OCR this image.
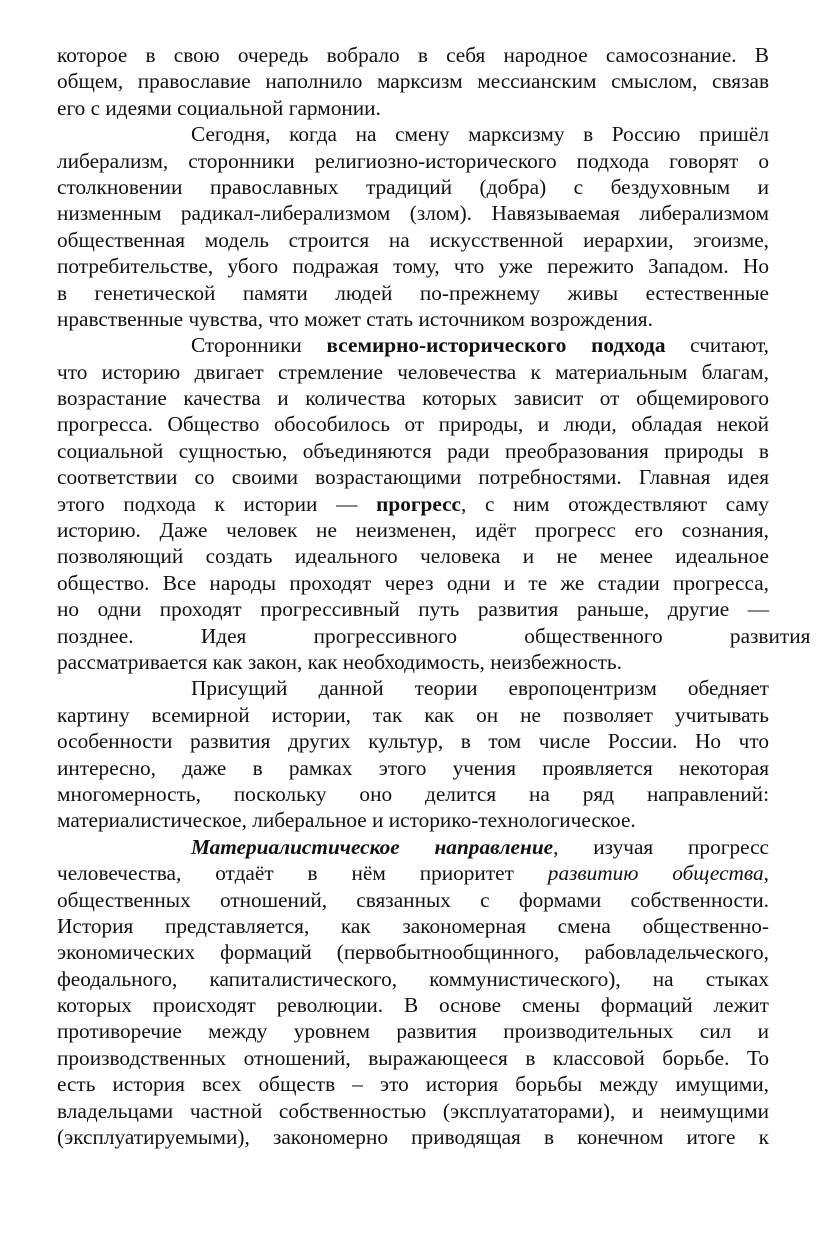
которое в свою очередь вобрало в себя народное самосознание. В
общем, православие наполнило марксизм мессианским смыслом, связав
его с идеями социальной гармонии.
Сегодня, когда на смену марксизму в Россию пришёл
либерализм, сторонники религиозно-исторического подхода говорят о
столкновении православных традиций (добра) с бездуховным и
низменным радикал-либерализмом (злом). Навязываемая либерализмом
общественная модель строится на искусственной иерархии, эгоизме,
потребительстве, убого подражая тому, что уже пережито Западом. Но
в генетической памяти людей по-прежнему живы естественные
нравственные чувства, что может стать источником возрождения.
Сторонники всемирно-исторического подхода считают,
что историю двигает стремление человечества к материальным благам,
возрастание качества и количества которых зависит от общемирового
прогресса. Общество обособилось от природы, и люди, обладая некой
социальной сущностью, объединяются ради преобразования природы в
соответствии со своими возрастающими потребностями. Главная идея
этого подхода к истории — прогресс, с ним отождествляют саму
историю. Даже человек не неизменен, идёт прогресс его сознания,
позволяющий создать идеального человека и не менее идеальное
общество. Все народы проходят через одни и те же стадии прогресса,
но одни проходят прогрессивный путь развития раньше, другие —
позднее. Идея прогрессивного общественного развития
рассматривается как закон, как необходимость, неизбежность.
Присущий данной теории европоцентризм обедняет
картину всемирной истории, так как он не позволяет учитывать
особенности развития других культур, в том числе России. Но что
интересно, даже в рамках этого учения проявляется некоторая
многомерность, поскольку оно делится на ряд направлений:
материалистическое, либеральное и историко-технологическое.
Материалистическое направление, изучая прогресс
человечества, отдаёт в нём приоритет развитию общества,
общественных отношений, связанных с формами собственности.
История представляется, как закономерная смена общественно-
экономических формаций (первобытнообщинного, рабовладельческого,
феодального, капиталистического, коммунистического), на стыках
которых происходят революции. В основе смены формаций лежит
противоречие между уровнем развития производительных сил и
производственных отношений, выражающееся в классовой борьбе. То
есть история всех обществ – это история борьбы между имущими,
владельцами частной собственностью (эксплуататорами), и неимущими
(эксплуатируемыми), закономерно приводящая в конечном итоге к
